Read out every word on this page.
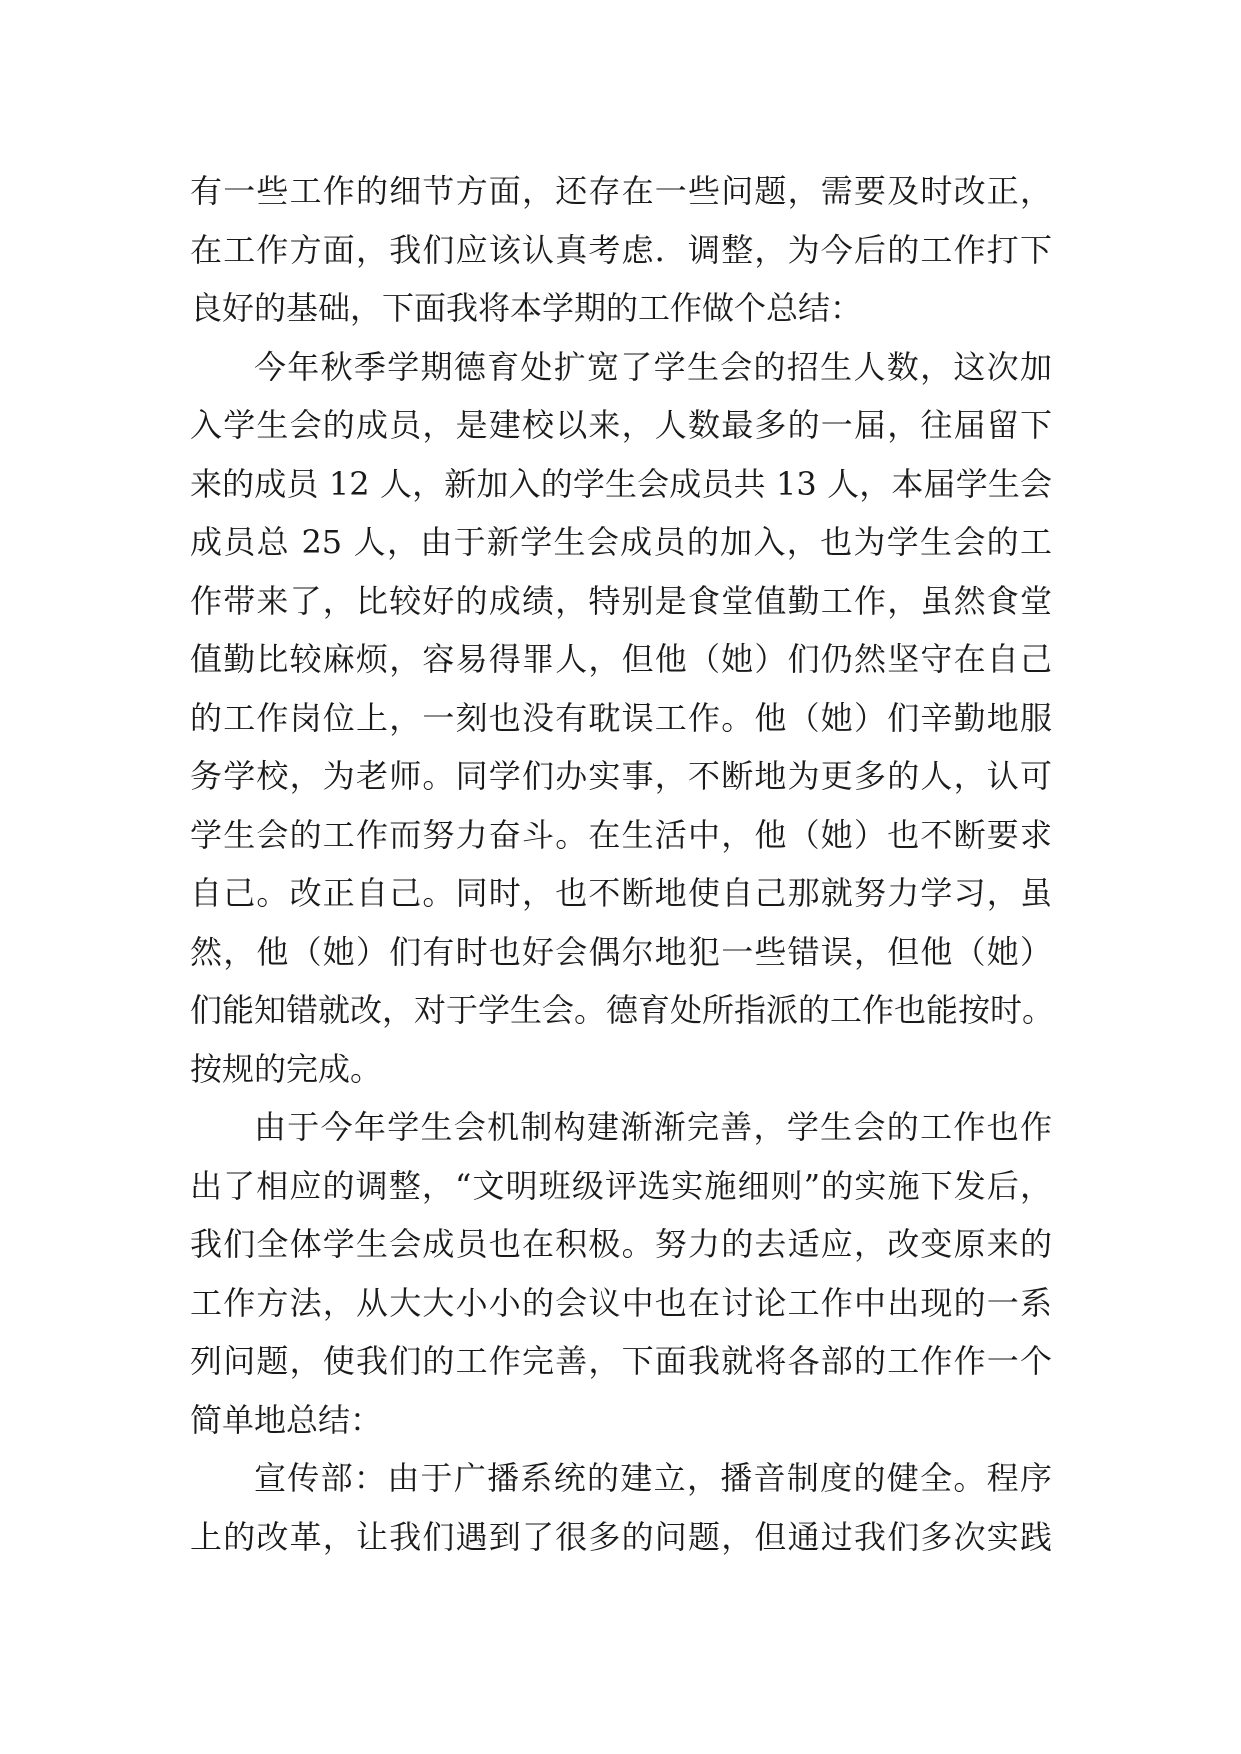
有一些工作的细节方面，还存在一些问题，需要及时改正，
在工作方面，我们应该认真考虑．调整，为今后的工作打下
良好的基础，下面我将本学期的工作做个总结：
今年秋季学期德育处扩宽了学生会的招生人数，这次加
入学生会的成员，是建校以来，人数最多的一届，往届留下
来的成员 12 人，新加入的学生会成员共 13 人，本届学生会
成员总 25 人，由于新学生会成员的加入，也为学生会的工
作带来了，比较好的成绩，特别是食堂值勤工作，虽然食堂
值勤比较麻烦，容易得罪人，但他（她）们仍然坚守在自己
的工作岗位上，一刻也没有耽误工作。他（她）们辛勤地服
务学校，为老师。同学们办实事，不断地为更多的人，认可
学生会的工作而努力奋斗。在生活中，他（她）也不断要求
自己。改正自己。同时，也不断地使自己那就努力学习，虽
然，他（她）们有时也好会偶尔地犯一些错误，但他（她）
们能知错就改，对于学生会。德育处所指派的工作也能按时。
按规的完成。
由于今年学生会机制构建渐渐完善，学生会的工作也作
出了相应的调整，“文明班级评选实施细则”的实施下发后，
我们全体学生会成员也在积极。努力的去适应，改变原来的
工作方法，从大大小小的会议中也在讨论工作中出现的一系
列问题，使我们的工作完善，下面我就将各部的工作作一个
简单地总结：
宣传部：由于广播系统的建立，播音制度的健全。程序
上的改革，让我们遇到了很多的问题，但通过我们多次实践
